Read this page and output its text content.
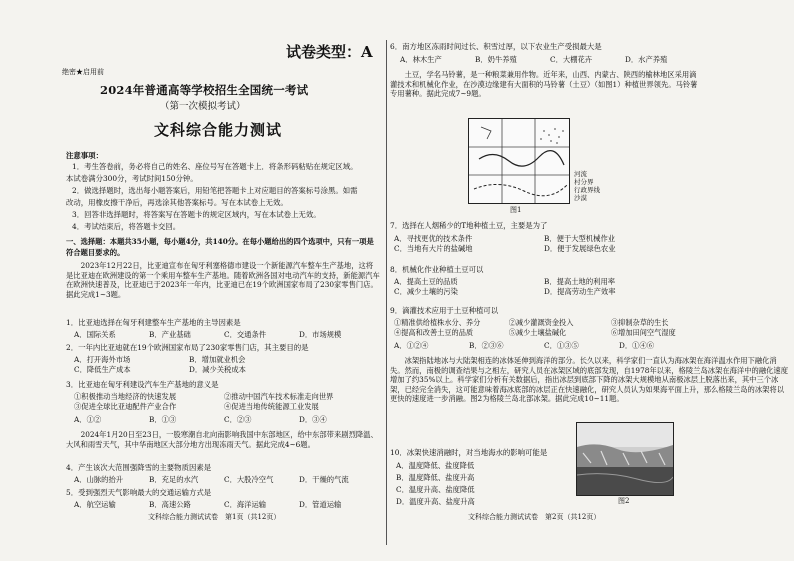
试卷类型：A
绝密★启用前
2024年普通高等学校招生全国统一考试
（第一次模拟考试）
文科综合能力测试
注意事项：
1．考生答卷前，务必将自己的姓名、座位号写在答题卡上．将条形码粘贴在规定区域。
本试卷满分300分，考试时间150分钟。
2．做选择题时，选出每小题答案后，用铅笔把答题卡上对应题目的答案标号涂黑。如需
改动，用橡皮擦干净后，再选涂其他答案标号。写在本试卷上无效。
3．回答非选择题时，将答案写在答题卡的规定区域内，写在本试卷上无效。
4．考试结束后，将答题卡交回。
一、选择题：本题共35小题，每小题4分，共140分。在每小题给出的四个选项中，只有一项是符合题目要求的。
2023年12月22日，比亚迪宣布在匈牙利塞格德市建设一个新能源汽车整车生产基地，这将是比亚迪在欧洲建设的第一个乘用车整车生产基地。随着欧洲各国对电动汽车的支持，新能源汽车在欧洲快速普及，比亚迪已于2023年一年内，比亚迪已在19个欧洲国家布局了230家零售门店。据此完成1~3题。
1．比亚迪选择在匈牙利建整车生产基地的主导因素是
A．国际关系	B．产业基础	C．交通条件	D．市场规模
2．一年内比亚迪就在19个欧洲国家布局了230家零售门店，其主要目的是
A．打开海外市场	B．增加就业机会
C．降低生产成本	D．减少关税成本
3．比亚迪在匈牙利建设汽车生产基地的意义是
①积极推动当地经济的快速发展	②推动中国汽车技术标准走向世界
③促进全球比亚迪配件产业合作	④促进当地传统能源工业发展
A．①②	B．①③	C．②③	D．③④
2024年1月20日至23日，一股寒潮自北向南影响我国中东部地区，给中东部带来剧烈降温、大风和雨雪天气，其中华南地区大部分地方出现冻雨天气。据此完成4~6题。
4．产生该次大范围强降雪的主要物质因素是
A．山脉的抬升	B．充足的水汽	C．大股冷空气	D．干燥的气流
5．受到强烈天气影响最大的交通运输方式是
A．航空运输	B．高速公路	C．海洋运输	D．管道运输
文科综合能力测试试卷　第1页（共12页）
6．南方地区冻雨时间过长、积雪过厚，以下农业生产受损最大是
A．林木生产	B．奶牛养殖	C．大棚花卉	D．水产养殖
土豆，学名马铃薯，是一种粮菜兼用作物。近年来，山西、内蒙古、陕西的榆林地区采用滴灌技术和机械化作业，在沙漠边缘建有大面积的马铃薯（土豆）（如图1）种植世界领先。马铃薯专用薯种。据此完成7~9题。
河流
村分界
行政界线
沙漠
图1
7．选择在人烟稀少的T地种植土豆，主要是为了
A．寻找更优的技术条件	B．便于大型机械作业
C．当地有大片的盐碱地	D．便于发展绿色农业
8．机械化作业种植土豆可以
A．提高土豆的品质	B．提高土地的利用率
C．减少土壤的污染	D．提高劳动生产效率
9．滴灌技术应用于土豆种植可以
①精准供给植株水分、养分	②减少灌溉资金投入	③抑制杂草的生长
④提高和改善土豆的品质	⑤减少土壤盐碱化	⑥增加田间空气湿度
A．①②④	B．②③⑥	C．①③⑤	D．①④⑥
冰架指陆地冰与大陆架相连的冰体延伸到海洋的部分。长久以来，科学家们一直认为海冰架在海洋温水作用下融化消失。然而，南极的调查结果与之相左，研究人员在冰架区域的底部发现，自1978年以来，格陵兰岛冰架在海洋中的融化速度增加了约35%以上。科学家们分析有关数据后，指出冰层到底部下降的冰架大规模地从南极冰层上脱落出来，其中三个冰架，已经完全消失，这可能意味着海冰底部的冰层正在快速融化，研究人员认为如果海平面上升，那么格陵兰岛的冰架将以更快的速度进一步消融。图2为格陵兰岛北部冰架。据此完成10~11题。
10．冰架快速消融时，对当地海水的影响可能是
A．温度降低、盐度降低
B．温度降低、盐度升高
C．温度升高、盐度降低
D．温度升高、盐度升高	图2
文科综合能力测试试卷　第2页（共12页）
